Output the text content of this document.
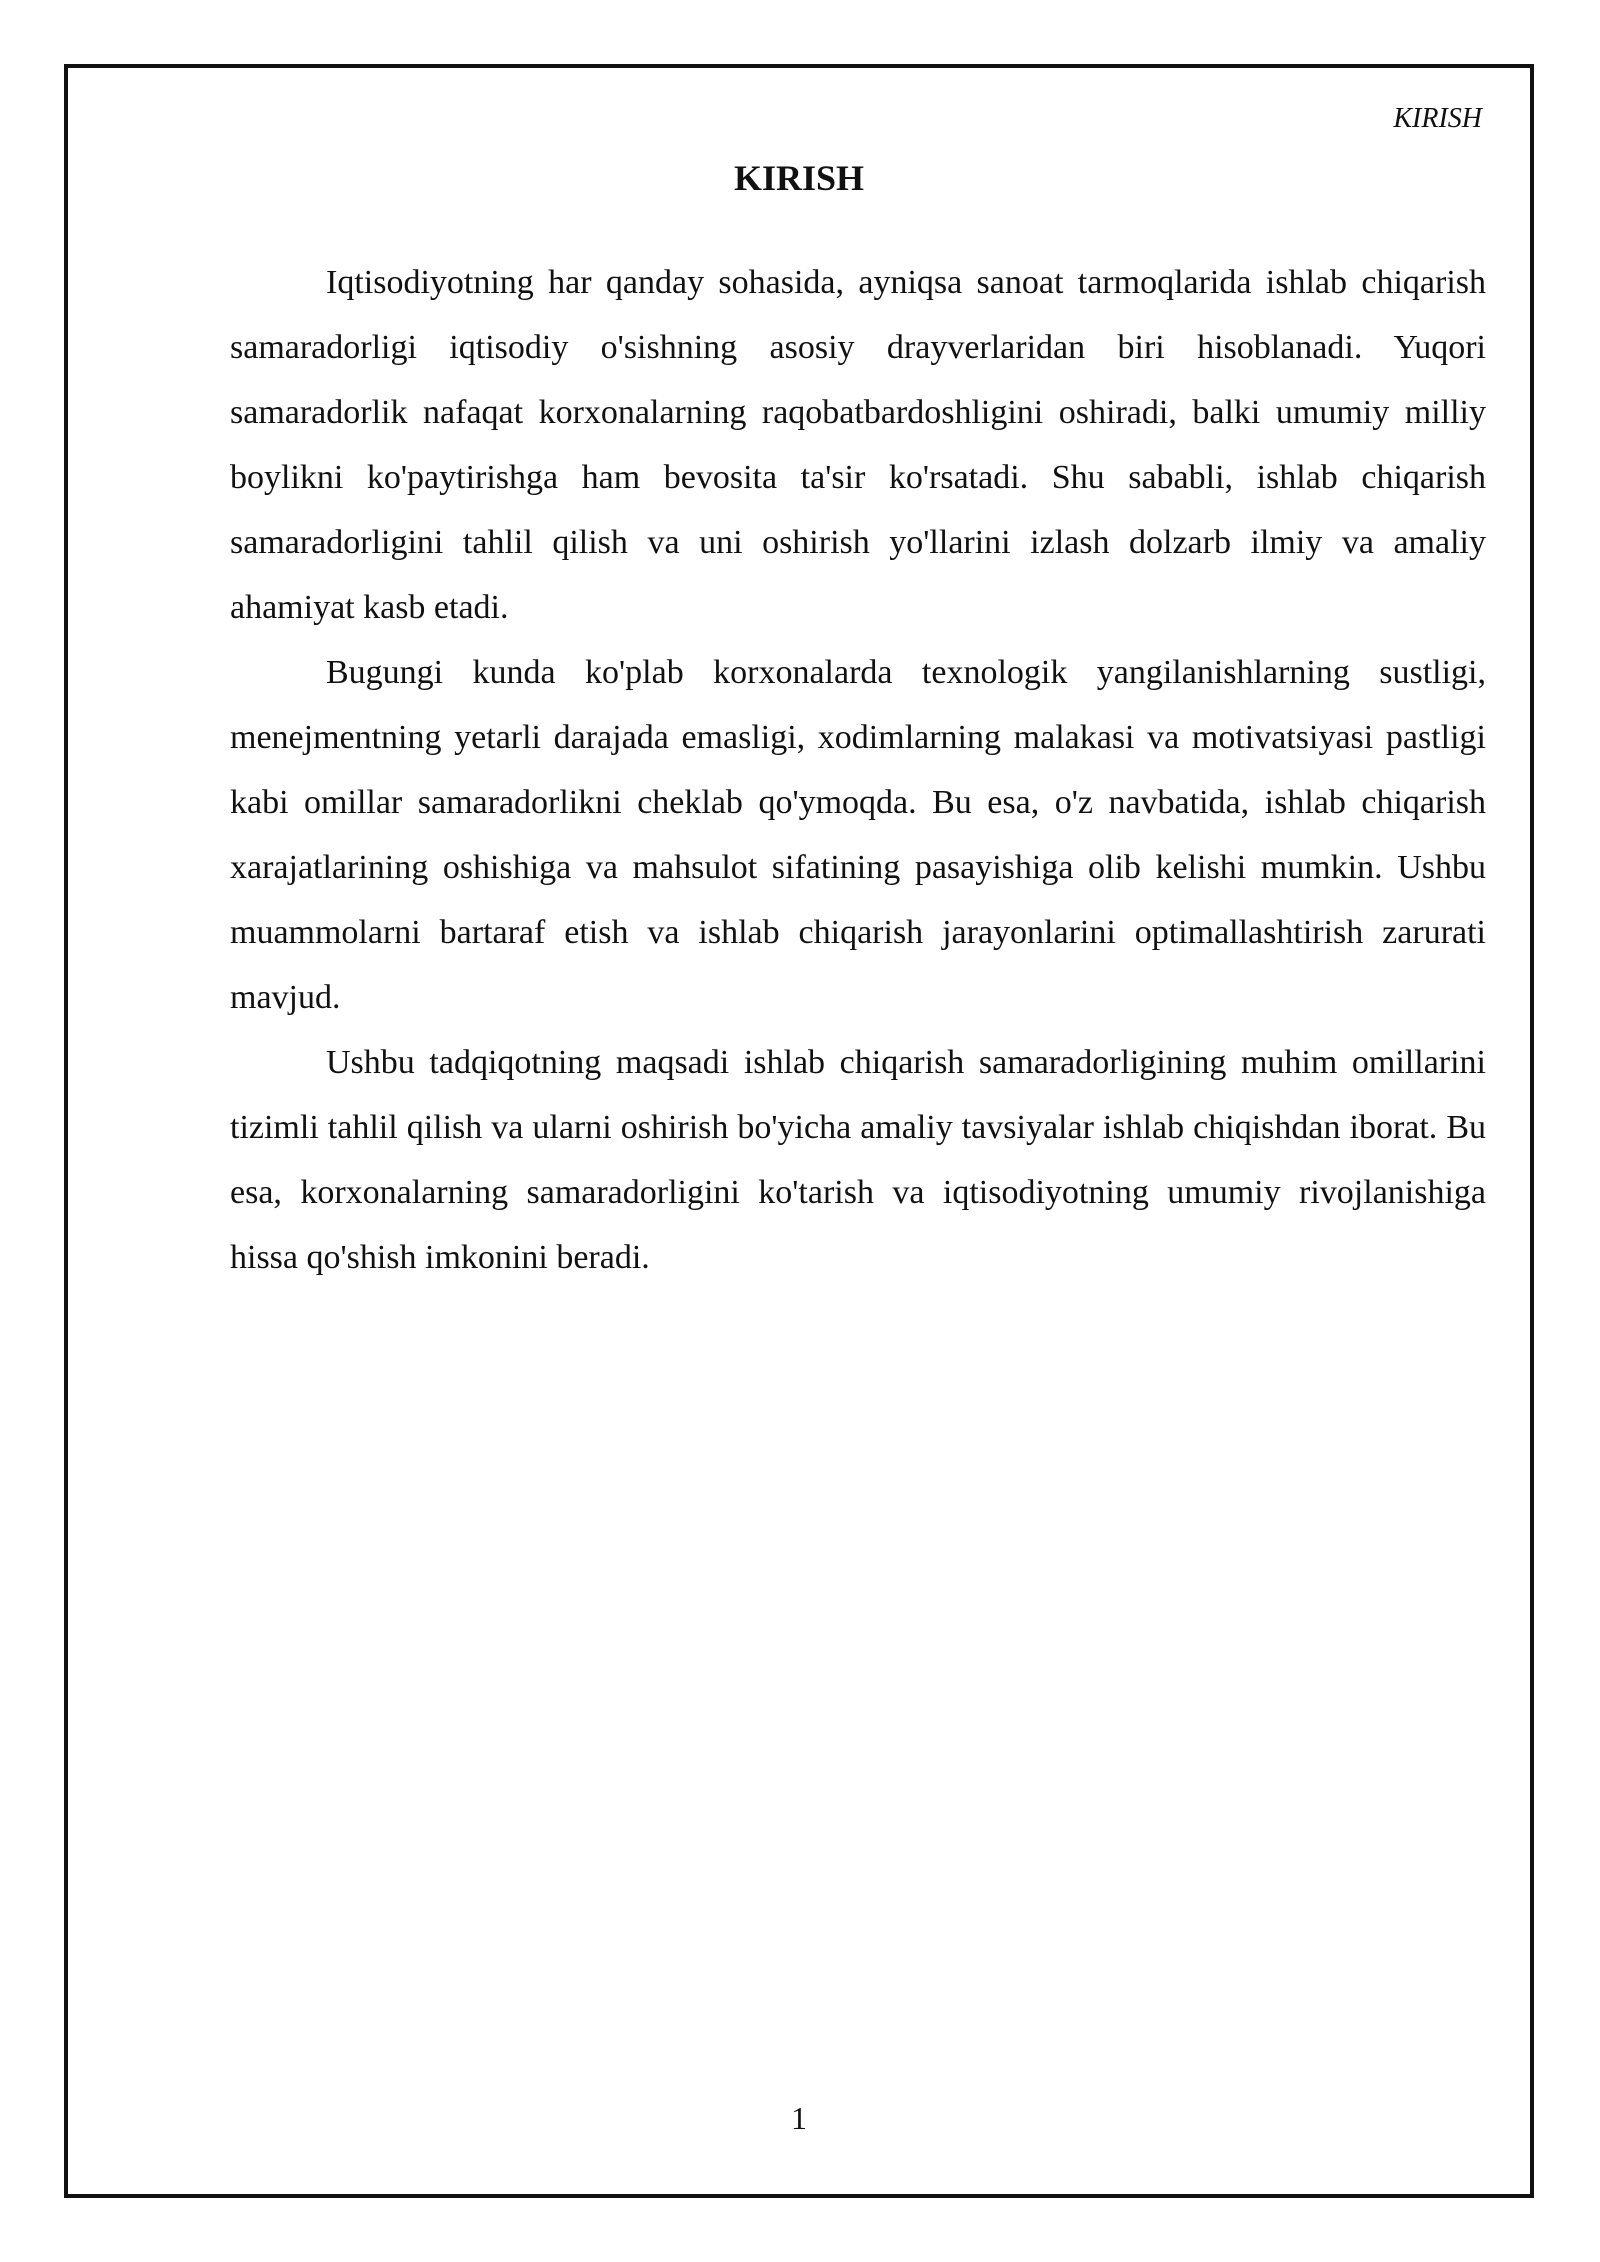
KIRISH
KIRISH

Iqtisodiyotning har qanday sohasida, ayniqsa sanoat tarmoqlarida ishlab chiqarish samaradorligi iqtisodiy o'sishning asosiy drayverlaridan biri hisoblanadi. Yuqori samaradorlik nafaqat korxonalarning raqobatbardoshligini oshiradi, balki umumiy milliy boylikni ko'paytirishga ham bevosita ta'sir ko'rsatadi. Shu sababli, ishlab chiqarish samaradorligini tahlil qilish va uni oshirish yo'llarini izlash dolzarb ilmiy va amaliy ahamiyat kasb etadi.

Bugungi kunda ko'plab korxonalarda texnologik yangilanishlarning sustligi, menejmentning yetarli darajada emasligi, xodimlarning malakasi va motivatsiyasi pastligi kabi omillar samaradorlikni cheklab qo'ymoqda. Bu esa, o'z navbatida, ishlab chiqarish xarajatlarining oshishiga va mahsulot sifatining pasayishiga olib kelishi mumkin. Ushbu muammolarni bartaraf etish va ishlab chiqarish jarayonlarini optimallashtirish zarurati mavjud.

Ushbu tadqiqotning maqsadi ishlab chiqarish samaradorligining muhim omillarini tizimli tahlil qilish va ularni oshirish bo'yicha amaliy tavsiyalar ishlab chiqishdan iborat. Bu esa, korxonalarning samaradorligini ko'tarish va iqtisodiyotning umumiy rivojlanishiga hissa qo'shish imkonini beradi.

1
